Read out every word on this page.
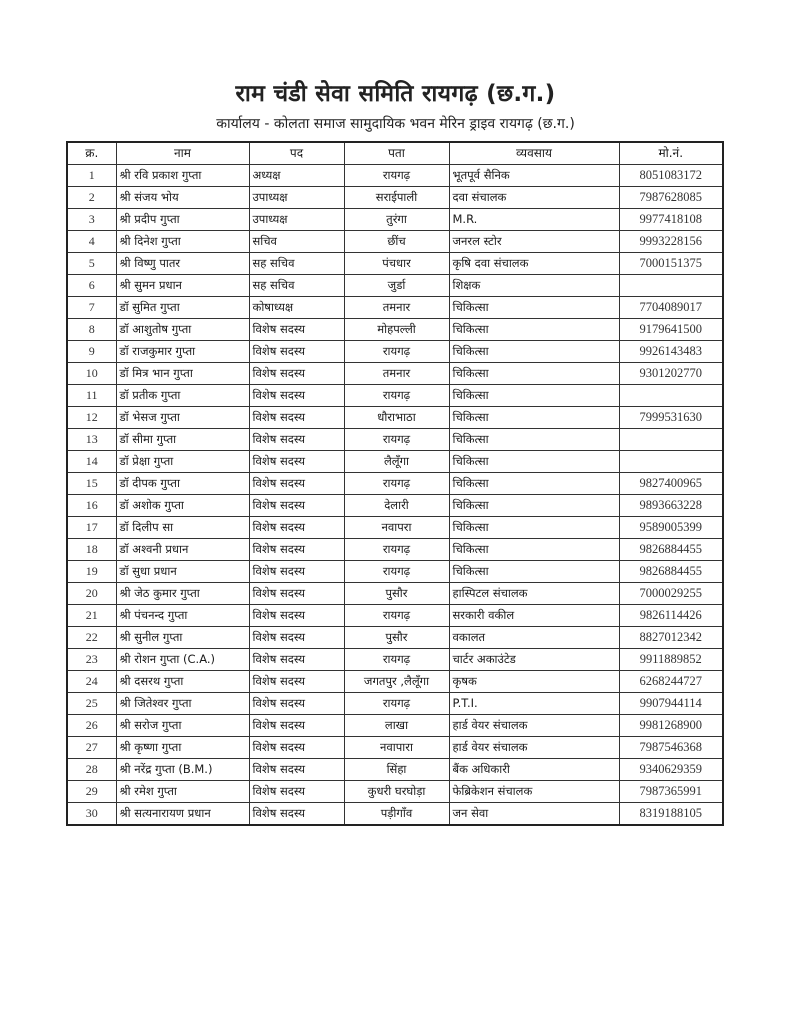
राम चंडी सेवा समिति रायगढ़ (छ.ग.)
कार्यालय - कोलता समाज सामुदायिक भवन मेरिन ड्राइव रायगढ़ (छ.ग.)
क्र.	नाम	पद	पता	व्यवसाय	मो.नं.
1	श्री रवि प्रकाश गुप्ता	अध्यक्ष	रायगढ़	भूतपूर्व सैनिक	8051083172
2	श्री संजय भोय	उपाध्यक्ष	सराईपाली	दवा संचालक	7987628085
3	श्री प्रदीप गुप्ता	उपाध्यक्ष	तुरंगा	M.R.	9977418108
4	श्री दिनेश गुप्ता	सचिव	छींच	जनरल स्टोर	9993228156
5	श्री विष्णु पातर	सह सचिव	पंचधार	कृषि दवा संचालक	7000151375
6	श्री सुमन प्रधान	सह सचिव	जुर्डा	शिक्षक	
7	डॉ सुमित गुप्ता	कोषाध्यक्ष	तमनार	चिकित्सा	7704089017
8	डॉ आशुतोष गुप्ता	विशेष सदस्य	मोहपल्ली	चिकित्सा	9179641500
9	डॉ राजकुमार गुप्ता	विशेष सदस्य	रायगढ़	चिकित्सा	9926143483
10	डॉ मित्र भान गुप्ता	विशेष सदस्य	तमनार	चिकित्सा	9301202770
11	डॉ प्रतीक गुप्ता	विशेष सदस्य	रायगढ़	चिकित्सा	
12	डॉ भेसज गुप्ता	विशेष सदस्य	धौराभाठा	चिकित्सा	7999531630
13	डॉ सीमा गुप्ता	विशेष सदस्य	रायगढ़	चिकित्सा	
14	डॉ प्रेक्षा गुप्ता	विशेष सदस्य	लैलूँगा	चिकित्सा	
15	डॉ दीपक गुप्ता	विशेष सदस्य	रायगढ़	चिकित्सा	9827400965
16	डॉ अशोक गुप्ता	विशेष सदस्य	देलारी	चिकित्सा	9893663228
17	डॉ दिलीप सा	विशेष सदस्य	नवापरा	चिकित्सा	9589005399
18	डॉ अश्वनी प्रधान	विशेष सदस्य	रायगढ़	चिकित्सा	9826884455
19	डॉ सुधा प्रधान	विशेष सदस्य	रायगढ़	चिकित्सा	9826884455
20	श्री जेठ कुमार गुप्ता	विशेष सदस्य	पुसौर	हास्पिटल संचालक	7000029255
21	श्री पंचनन्द गुप्ता	विशेष सदस्य	रायगढ़	सरकारी वकील	9826114426
22	श्री सुनील गुप्ता	विशेष सदस्य	पुसौर	वकालत	8827012342
23	श्री रोशन गुप्ता (C.A.)	विशेष सदस्य	रायगढ़	चार्टर अकाउंटेड	9911889852
24	श्री दसरथ गुप्ता	विशेष सदस्य	जगतपुर ,लैलूँगा	कृषक	6268244727
25	श्री जितेश्वर गुप्ता	विशेष सदस्य	रायगढ़	P.T.I.	9907944114
26	श्री सरोज गुप्ता	विशेष सदस्य	लाखा	हार्ड वेयर संचालक	9981268900
27	श्री कृष्णा गुप्ता	विशेष सदस्य	नवापारा	हार्ड वेयर संचालक	7987546368
28	श्री नरेंद्र गुप्ता (B.M.)	विशेष सदस्य	सिंहा	बैंक अधिकारी	9340629359
29	श्री रमेश गुप्ता	विशेष सदस्य	कुधरी घरघोड़ा	फेब्रिकेशन संचालक	7987365991
30	श्री सत्यनारायण प्रधान	विशेष सदस्य	पड़ीगाँव	जन सेवा	8319188105
